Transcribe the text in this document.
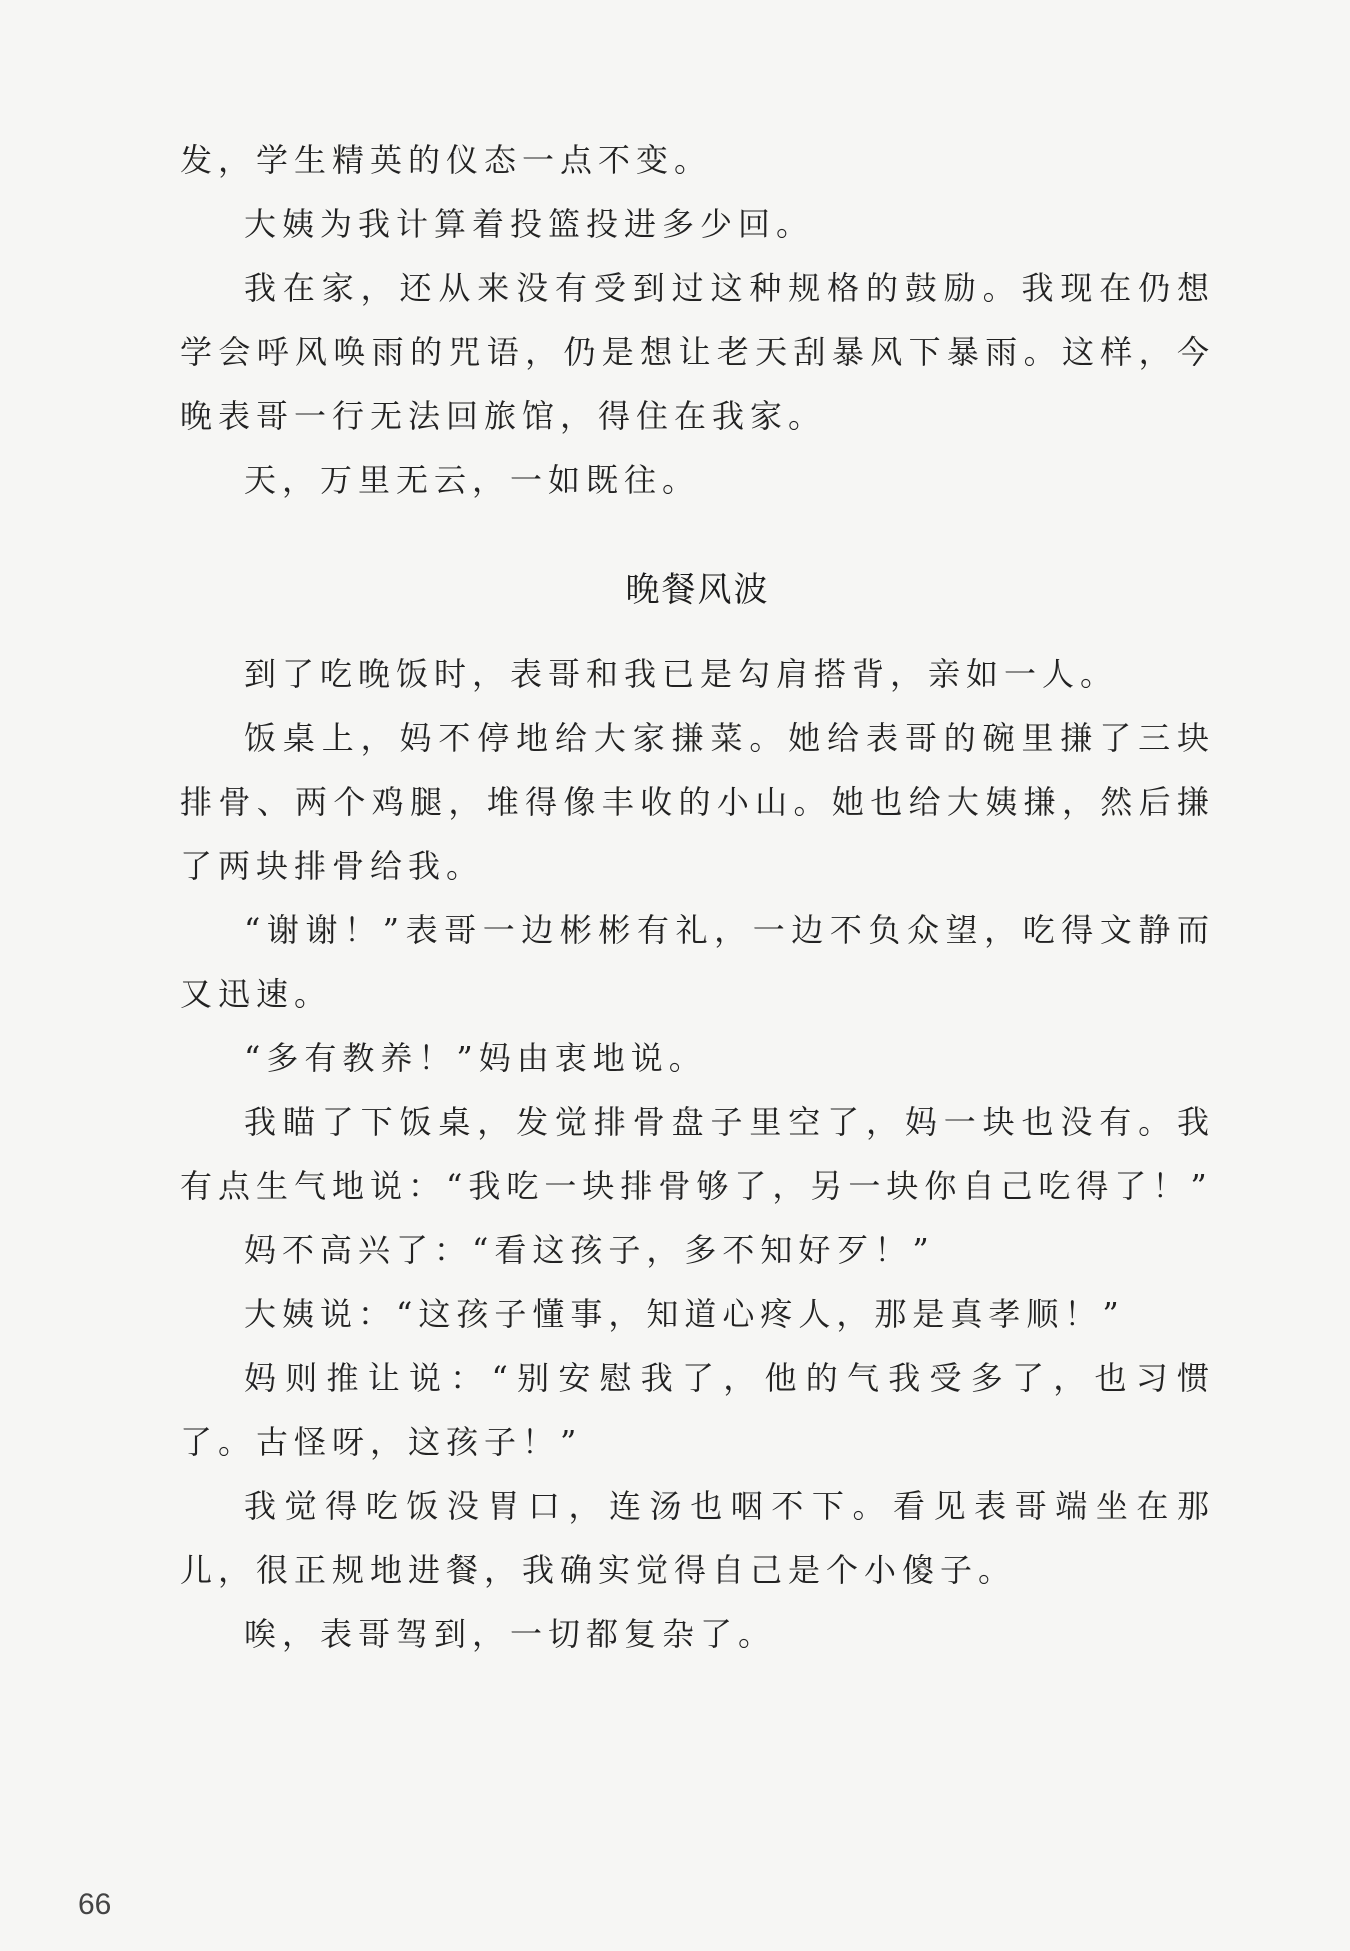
发，学生精英的仪态一点不变。

大姨为我计算着投篮投进多少回。

我在家，还从来没有受到过这种规格的鼓励。我现在仍想学会呼风唤雨的咒语，仍是想让老天刮暴风下暴雨。这样，今晚表哥一行无法回旅馆，得住在我家。

天，万里无云，一如既往。

晚餐风波

到了吃晚饭时，表哥和我已是勾肩搭背，亲如一人。

饭桌上，妈不停地给大家搛菜。她给表哥的碗里搛了三块排骨、两个鸡腿，堆得像丰收的小山。她也给大姨搛，然后搛了两块排骨给我。

“谢谢！”表哥一边彬彬有礼，一边不负众望，吃得文静而又迅速。

“多有教养！”妈由衷地说。

我瞄了下饭桌，发觉排骨盘子里空了，妈一块也没有。我有点生气地说：“我吃一块排骨够了，另一块你自己吃得了！”

妈不高兴了：“看这孩子，多不知好歹！”

大姨说：“这孩子懂事，知道心疼人，那是真孝顺！”

妈则推让说：“别安慰我了，他的气我受多了，也习惯了。古怪呀，这孩子！”

我觉得吃饭没胃口，连汤也咽不下。看见表哥端坐在那儿，很正规地进餐，我确实觉得自己是个小傻子。

唉，表哥驾到，一切都复杂了。

66
